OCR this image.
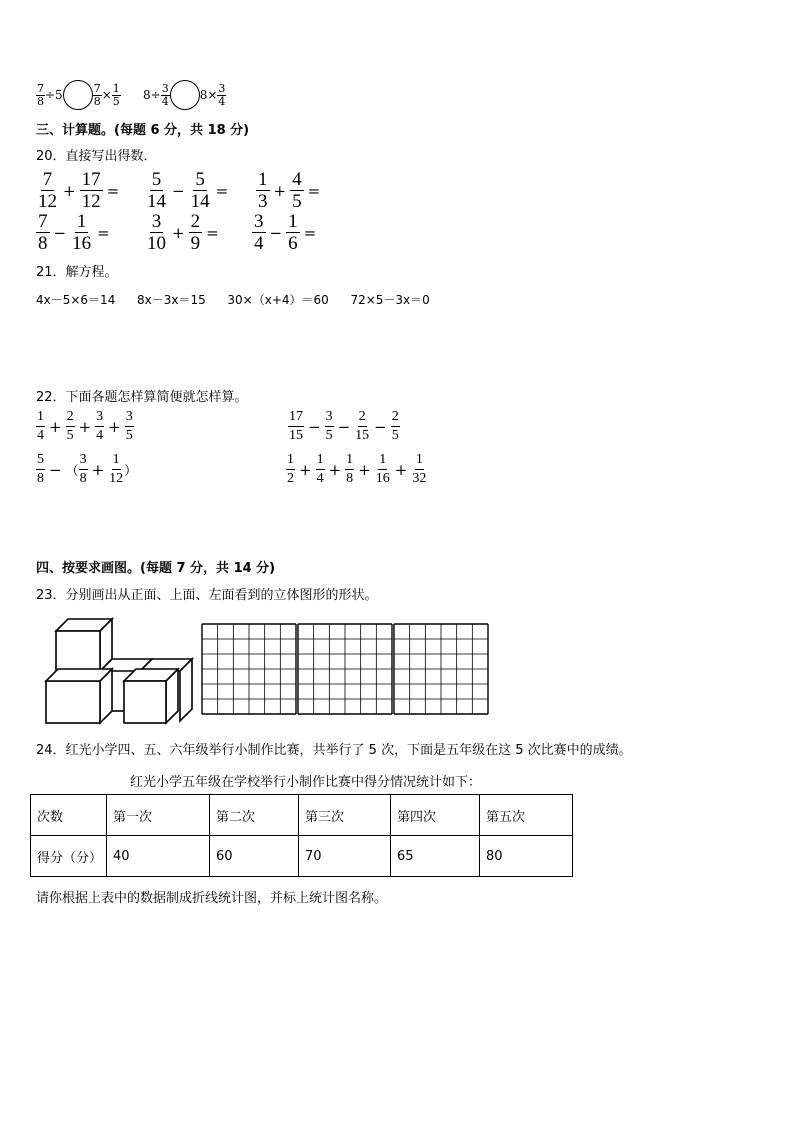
$\frac{7}{8} \div 5$	$\frac{7}{8} \times \frac{1}{5} 8\div \frac{3}{4}$	$8\times \frac{3}{4}$
三、计算题。(每题 6 分，共 18 分)
20．直接写出得数．
$\frac{7}{12} + \frac{17}{12} = \frac{5}{14} - \frac{5}{14} = \frac{1}{3} + \frac{4}{5}$ =
$\frac{7}{8} - \frac{1}{16} = \frac{3}{10} + \frac{2}{9} = \frac{3}{4} - \frac{1}{6}$ =
21．解方程。
4x－5×6＝14 8x－3x＝15 30×（x+4）＝60 72×5－3x＝0
22．下面各题怎样算简便就怎样算。
$\frac{1}{4} + \frac{2}{5} + \frac{3}{4} + \frac{3}{5}$	$\frac{17}{15} - \frac{3}{5} - \frac{2}{15} - \frac{2}{5}$
$\frac{5}{8}$ − （ $\frac{3}{8} + \frac{1}{12}$ ）	$\frac{1}{2} + \frac{1}{4} + \frac{1}{8} + \frac{1}{16} + \frac{1}{32}$
四、按要求画图。(每题 7 分，共 14 分)
23．分别画出从正面、上面、左面看到的立体图形的形状。
24．红光小学四、五、六年级举行小制作比赛，共举行了 5 次，下面是五年级在这 5 次比赛中的成绩。
红光小学五年级在学校举行小制作比赛中得分情况统计如下：
次数	第一次	第二次	第三次	第四次	第五次
得分（分）	40	60	70	65	80
请你根据上表中的数据制成折线统计图，并标上统计图名称。
